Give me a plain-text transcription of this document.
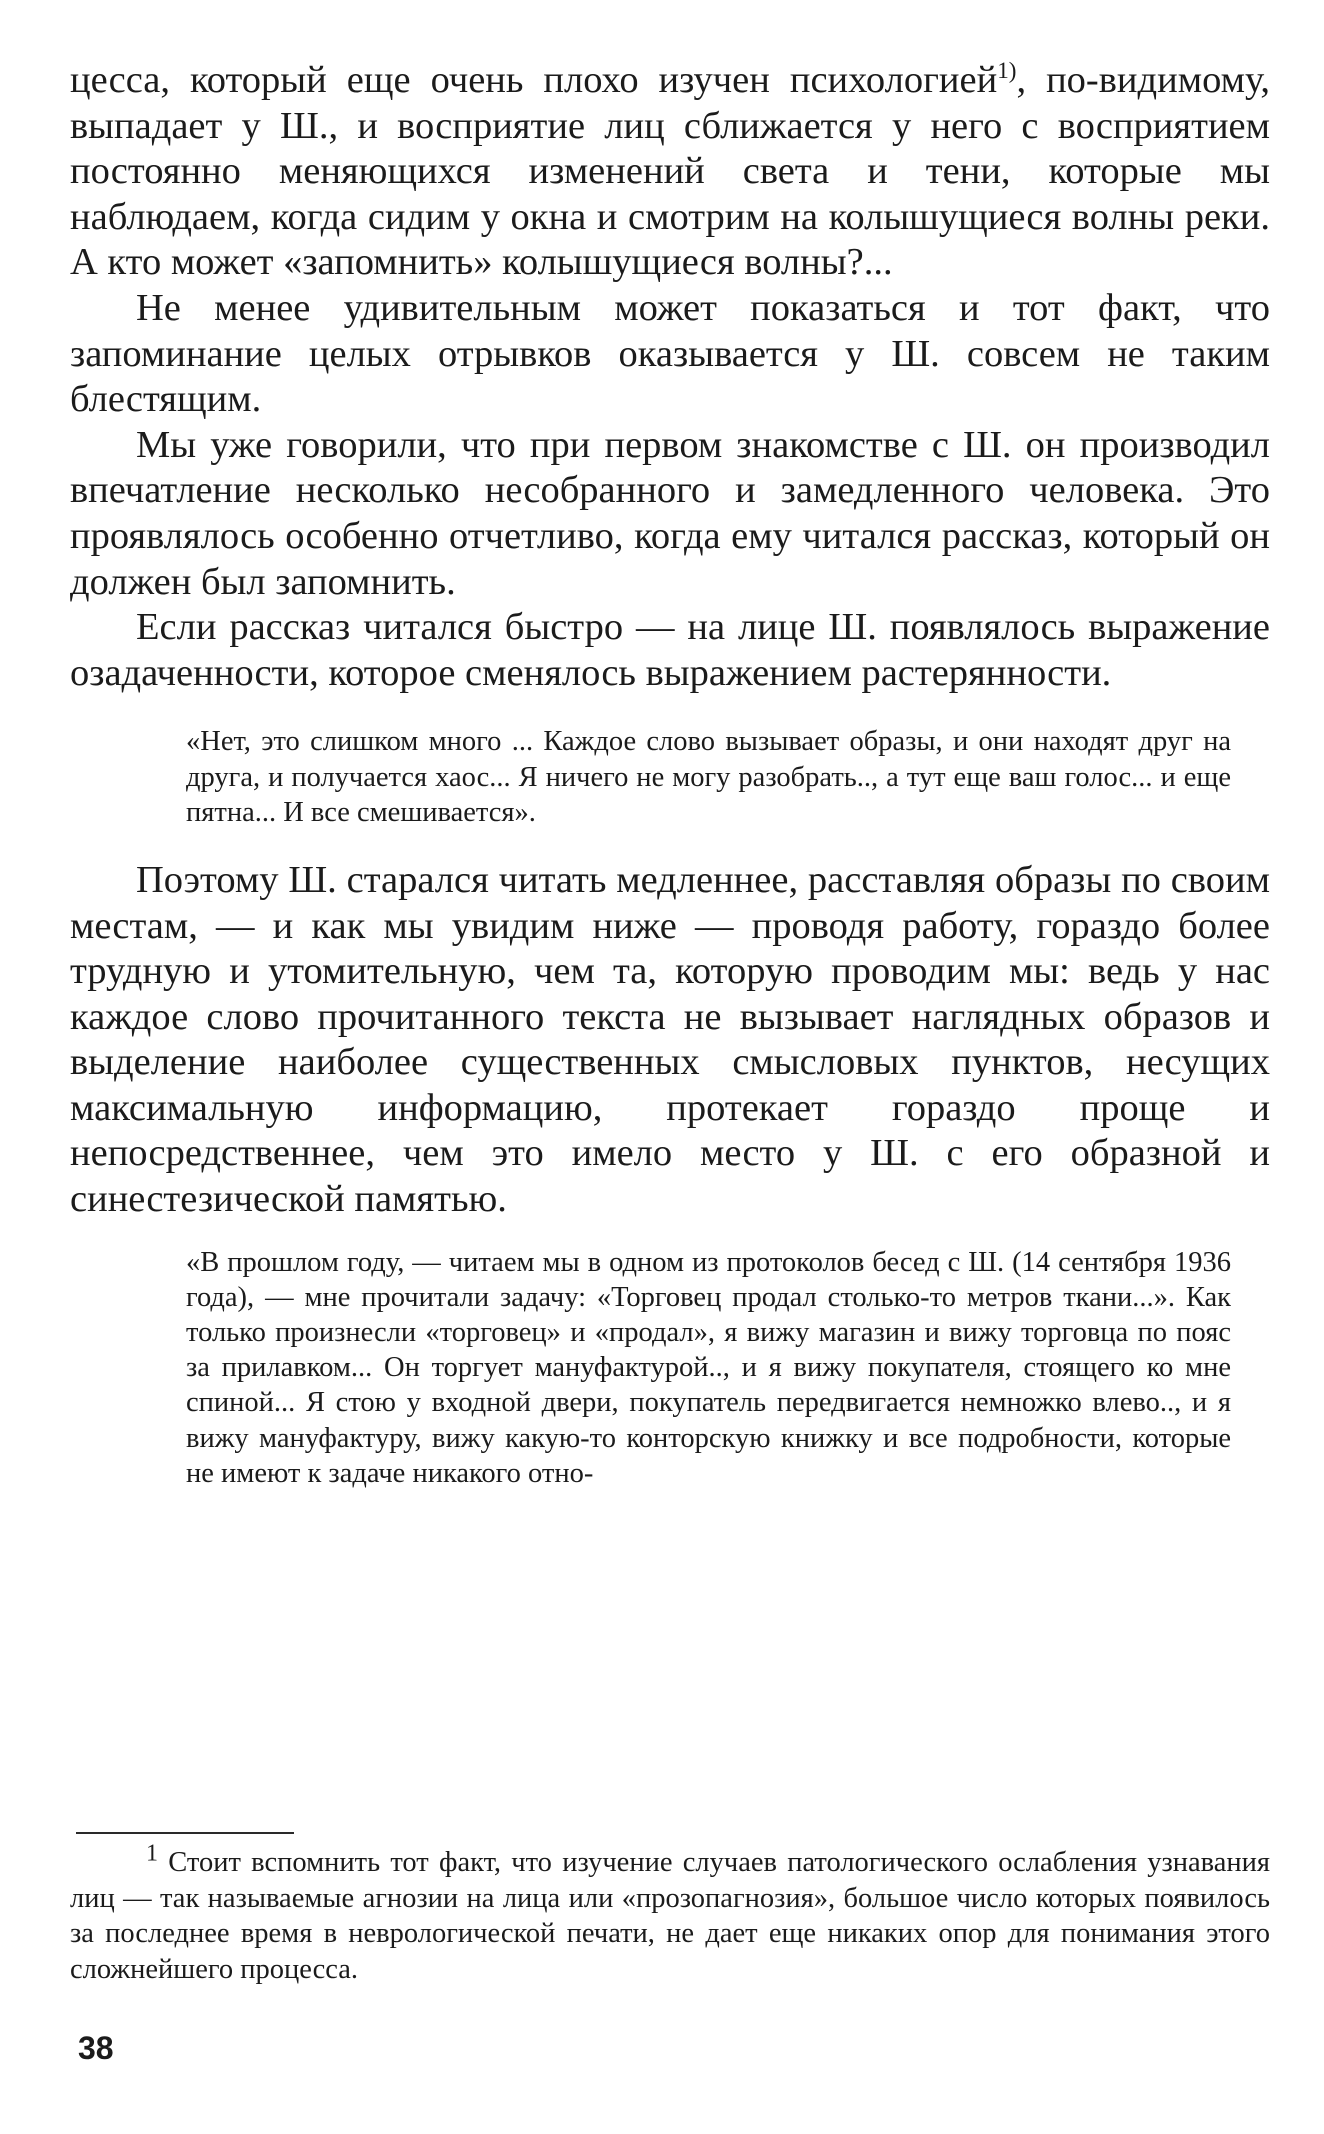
цесса, который еще очень плохо изучен психологией$^{1)}$, по-видимому, выпадает у Ш., и восприятие лиц сближается у него с восприятием постоянно меняющихся изменений света и тени, которые мы наблюдаем, когда сидим у окна и смотрим на колышущиеся волны реки. А кто может «запомнить» колышущиеся волны?...

Не менее удивительным может показаться и тот факт, что запоминание целых отрывков оказывается у Ш. совсем не таким блестящим.

Мы уже говорили, что при первом знакомстве с Ш. он производил впечатление несколько несобранного и замедленного человека. Это проявлялось особенно отчетливо, когда ему читался рассказ, который он должен был запомнить.

Если рассказ читался быстро — на лице Ш. появлялось выражение озадаченности, которое сменялось выражением растерянности.

«Нет, это слишком много ... Каждое слово вызывает образы, и они находят друг на друга, и получается хаос... Я ничего не могу разобрать.., а тут еще ваш голос... и еще пятна... И все смешивается».

Поэтому Ш. старался читать медленнее, расставляя образы по своим местам, — и как мы увидим ниже — проводя работу, гораздо более трудную и утомительную, чем та, которую проводим мы: ведь у нас каждое слово прочитанного текста не вызывает наглядных образов и выделение наиболее существенных смысловых пунктов, несущих максимальную информацию, протекает гораздо проще и непосредственнее, чем это имело место у Ш. с его образной и синестезической памятью.

«В прошлом году, — читаем мы в одном из протоколов бесед с Ш. (14 сентября 1936 года), — мне прочитали задачу: «Торговец продал столько-то метров ткани...». Как только произнесли «торговец» и «продал», я вижу магазин и вижу торговца по пояс за прилавком... Он торгует мануфактурой.., и я вижу покупателя, стоящего ко мне спиной... Я стою у входной двери, покупатель передвигается немножко влево.., и я вижу мануфактуру, вижу какую-то конторскую книжку и все подробности, которые не имеют к задаче никакого отно-

$^1$ Стоит вспомнить тот факт, что изучение случаев патологического ослабления узнавания лиц — так называемые агнозии на лица или «прозопагнозия», большое число которых появилось за последнее время в неврологической печати, не дает еще никаких опор для понимания этого сложнейшего процесса.

38
